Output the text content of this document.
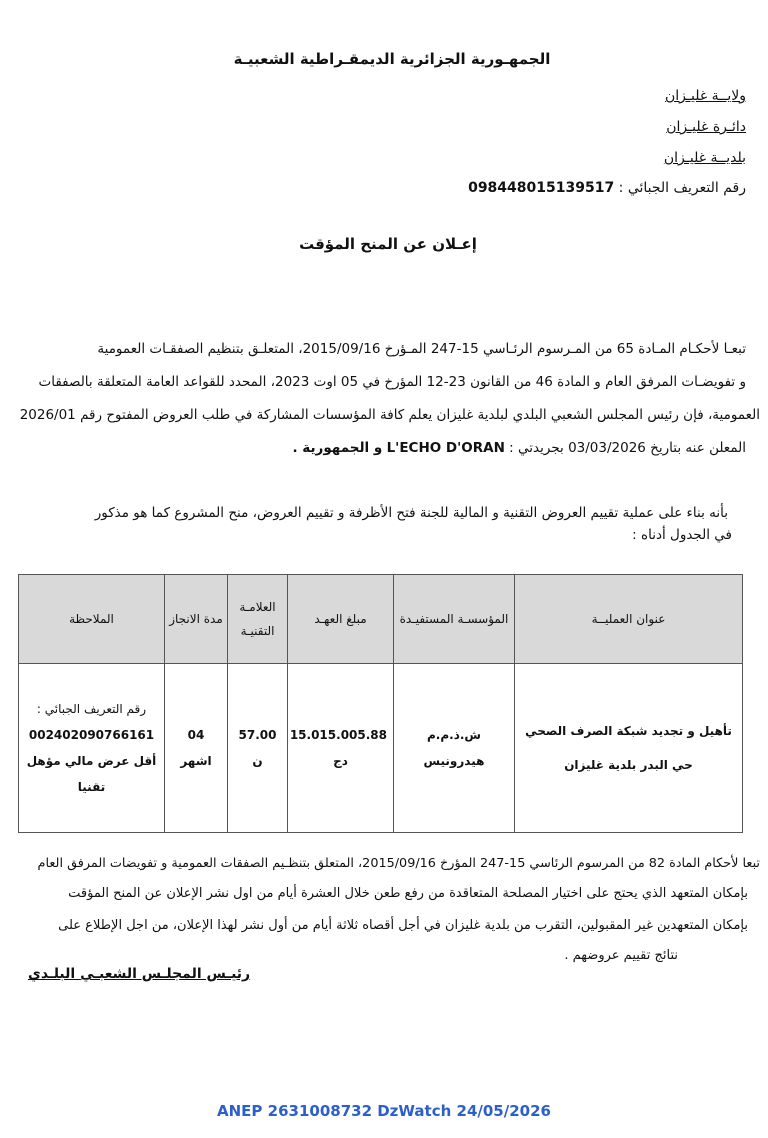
الجمهـورية الجزائرية الديمقـراطية الشعبيـة
ولايــة غليـزان
دائـرة غليـزان
بلديــة غليـزان
رقم التعريف الجبائي : 098448015139517
إعـلان عن المنح المؤقت
تبعـا لأحكـام المـادة 65 من المـرسوم الرئـاسي 15-247 المـؤرخ 2015/09/16، المتعلـق بتنظيم الصفقـات العمومية
و تفويضـات المرفق العام و المادة 46 من القانون 23-12 المؤرخ في 05 اوت 2023، المحدد للقواعد العامة المتعلقة بالصفقات
العمومية، فإن رئيس المجلس الشعبي البلدي لبلدية غليزان يعلم كافة المؤسسات المشاركة في طلب العروض المفتوح رقم 2026/01
المعلن عنه بتاريخ 03/03/2026 بجريدتي : L'ECHO D'ORAN و الجمهورية .
بأنه بناء على عملية تقييم العروض التقنية و المالية للجنة فتح الأظرفة و تقييم العروض، منح المشروع كما هو مذكور
في الجدول أدناه :
عنوان العمليــة	المؤسسـة المستفيـدة	مبلغ العهـد	العلامـة التقنيـة	مدة الانجاز	الملاحظة
تأهيل و تجديد شبكة الصرف الصحي حي البدر بلدية غليزان	ش.ذ.م.م هيدرونيس	15.015.005.88 دج	57.00 ن	04 اشهر	رقم التعريف الجبائي :
002402090766161
أقل عرض مالي مؤهل تقنيا
تبعا لأحكام المادة 82 من المرسوم الرئاسي 15-247 المؤرخ 2015/09/16، المتعلق بتنظـيم الصفقات العمومية و تفويضات المرفق العام
بإمكان المتعهد الذي يحتج على اختيار المصلحة المتعاقدة من رفع طعن خلال العشرة أيام من اول نشر الإعلان عن المنح المؤقت
بإمكان المتعهدين غير المقبولين، التقرب من بلدية غليزان في أجل أقصاه ثلاثة أيام من أول نشر لهذا الإعلان، من اجل الإطلاع على
نتائج تقييم عروضهم .
رئيـس المجلـس الشعبـي البلـدي
ANEP 2631008732 DzWatch 24/05/2026
